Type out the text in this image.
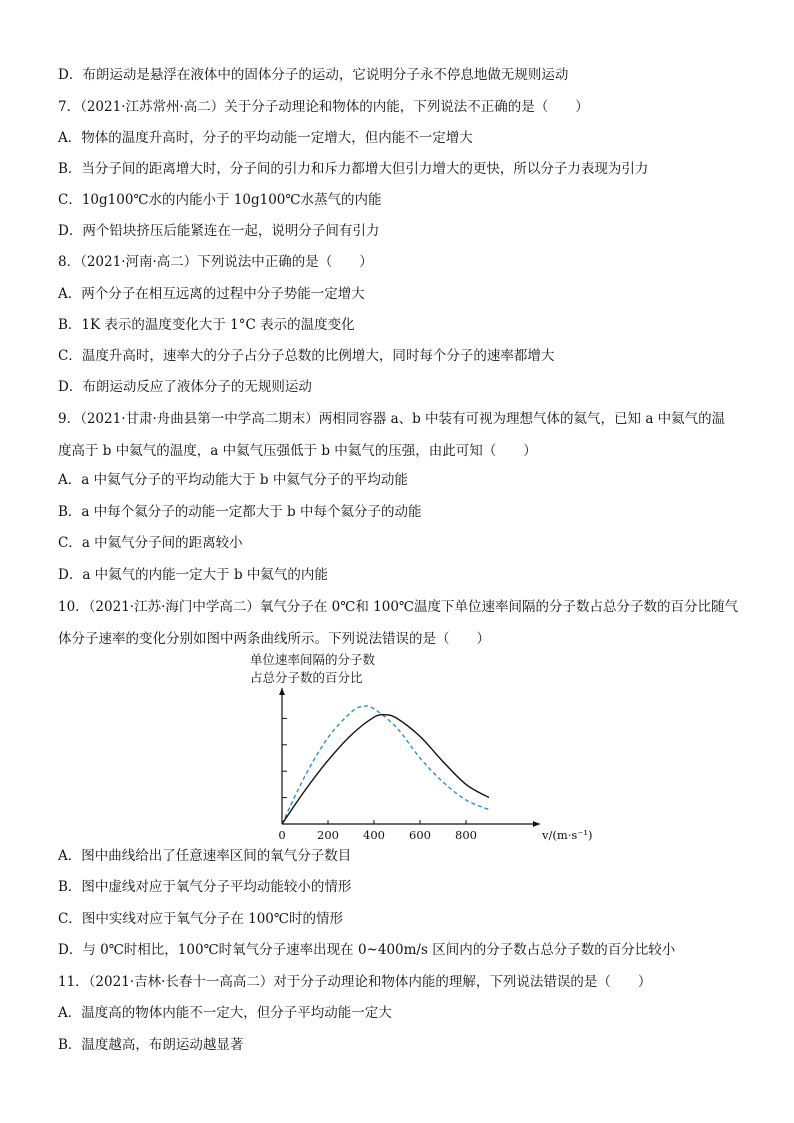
D．布朗运动是悬浮在液体中的固体分子的运动，它说明分子永不停息地做无规则运动
7．（2021·江苏常州·高二）关于分子动理论和物体的内能，下列说法不正确的是（　　）
A．物体的温度升高时，分子的平均动能一定增大，但内能不一定增大
B．当分子间的距离增大时，分子间的引力和斥力都增大但引力增大的更快，所以分子力表现为引力
C．10g100℃水的内能小于 10g100℃水蒸气的内能
D．两个铅块挤压后能紧连在一起，说明分子间有引力
8．（2021·河南·高二）下列说法中正确的是（　　）
A．两个分子在相互远离的过程中分子势能一定增大
B．1K 表示的温度变化大于 1°C 表示的温度变化
C．温度升高时，速率大的分子占分子总数的比例增大，同时每个分子的速率都增大
D．布朗运动反应了液体分子的无规则运动
9．（2021·甘肃·舟曲县第一中学高二期末）两相同容器 a、b 中装有可视为理想气体的氦气，已知 a 中氦气的温度高于 b 中氦气的温度，a 中氦气压强低于 b 中氦气的压强，由此可知（　　）
A．a 中氦气分子的平均动能大于 b 中氦气分子的平均动能
B．a 中每个氦分子的动能一定都大于 b 中每个氦分子的动能
C．a 中氦气分子间的距离较小
D．a 中氦气的内能一定大于 b 中氦气的内能
10．（2021·江苏·海门中学高二）氧气分子在 0℃和 100℃温度下单位速率间隔的分子数占总分子数的百分比随气体分子速率的变化分别如图中两条曲线所示。下列说法错误的是（　　）
单位速率间隔的分子数
占总分子数的百分比
0	200 400 600 800	v/(m·s⁻¹)
A．图中曲线给出了任意速率区间的氧气分子数目
B．图中虚线对应于氧气分子平均动能较小的情形
C．图中实线对应于氧气分子在 100℃时的情形
D．与 0℃时相比，100℃时氧气分子速率出现在 0~400m/s 区间内的分子数占总分子数的百分比较小
11．（2021·吉林·长春十一高高二）对于分子动理论和物体内能的理解，下列说法错误的是（　　）
A．温度高的物体内能不一定大，但分子平均动能一定大
B．温度越高，布朗运动越显著
